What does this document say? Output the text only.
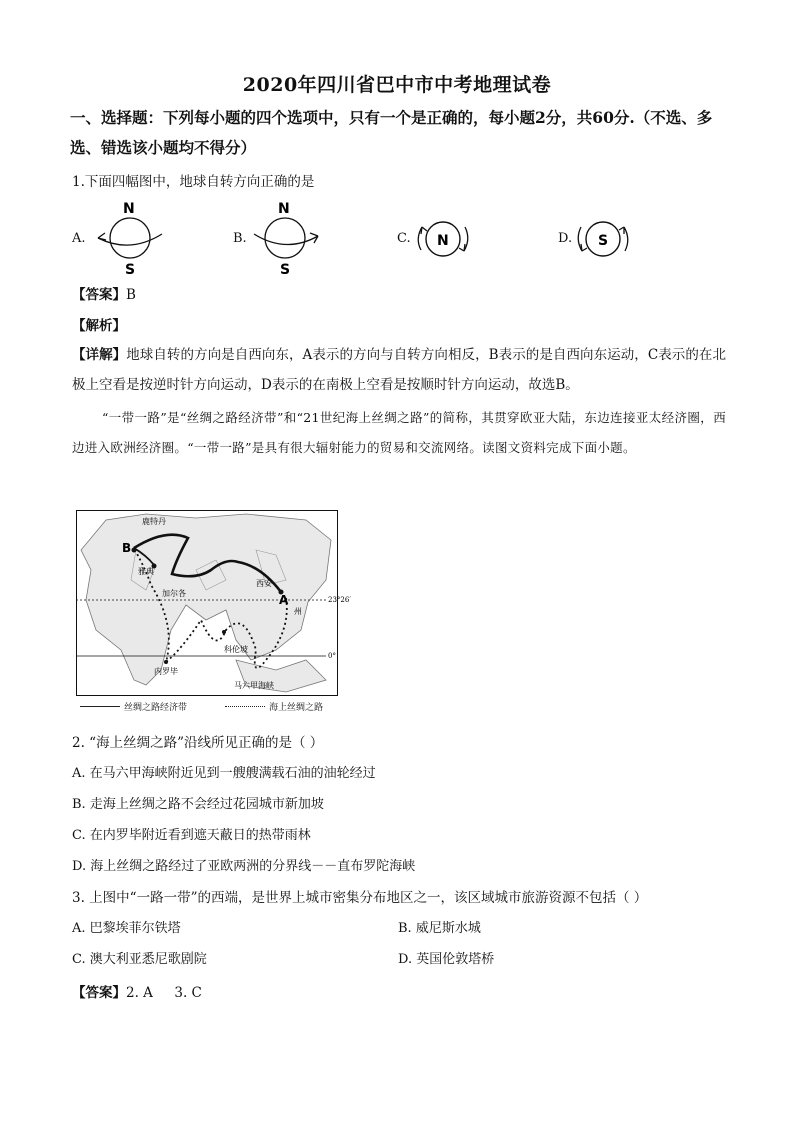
2020年四川省巴中市中考地理试卷
一、选择题：下列每小题的四个选项中，只有一个是正确的，每小题2分，共60分.（不选、多选、错选该小题均不得分）
1.下面四幅图中，地球自转方向正确的是
A.
N
S
B.
N
S
C. N	D. S
【答案】B
【解析】
【详解】地球自转的方向是自西向东，A表示的方向与自转方向相反，B表示的是自西向东运动，C表示的在北极上空看是按逆时针方向运动，D表示的在南极上空看是按顺时针方向运动，故选B。
“一带一路”是“丝绸之路经济带”和“21世纪海上丝绸之路”的简称，其贯穿欧亚大陆，东边连接亚太经济圈，西边进入欧洲经济圈。“一带一路”是具有很大辐射能力的贸易和交流网络。读图文资料完成下面小题。
鹿特丹
B
雅典
加尔各
西安
A
州
23°26′
0°
科伦坡
内罗毕
马六甲海峡
丝绸之路经济带	海上丝绸之路
2. “海上丝绸之路”沿线所见正确的是（ ）
A. 在马六甲海峡附近见到一艘艘满载石油的油轮经过
B. 走海上丝绸之路不会经过花园城市新加坡
C. 在内罗毕附近看到遮天蔽日的热带雨林
D. 海上丝绸之路经过了亚欧两洲的分界线－－直布罗陀海峡
3. 上图中“一路一带”的西端，是世界上城市密集分布地区之一，该区域城市旅游资源不包括（ ）
A. 巴黎埃菲尔铁塔	B. 威尼斯水城
C. 澳大利亚悉尼歌剧院	D. 英国伦敦塔桥
【答案】2. A     3. C
